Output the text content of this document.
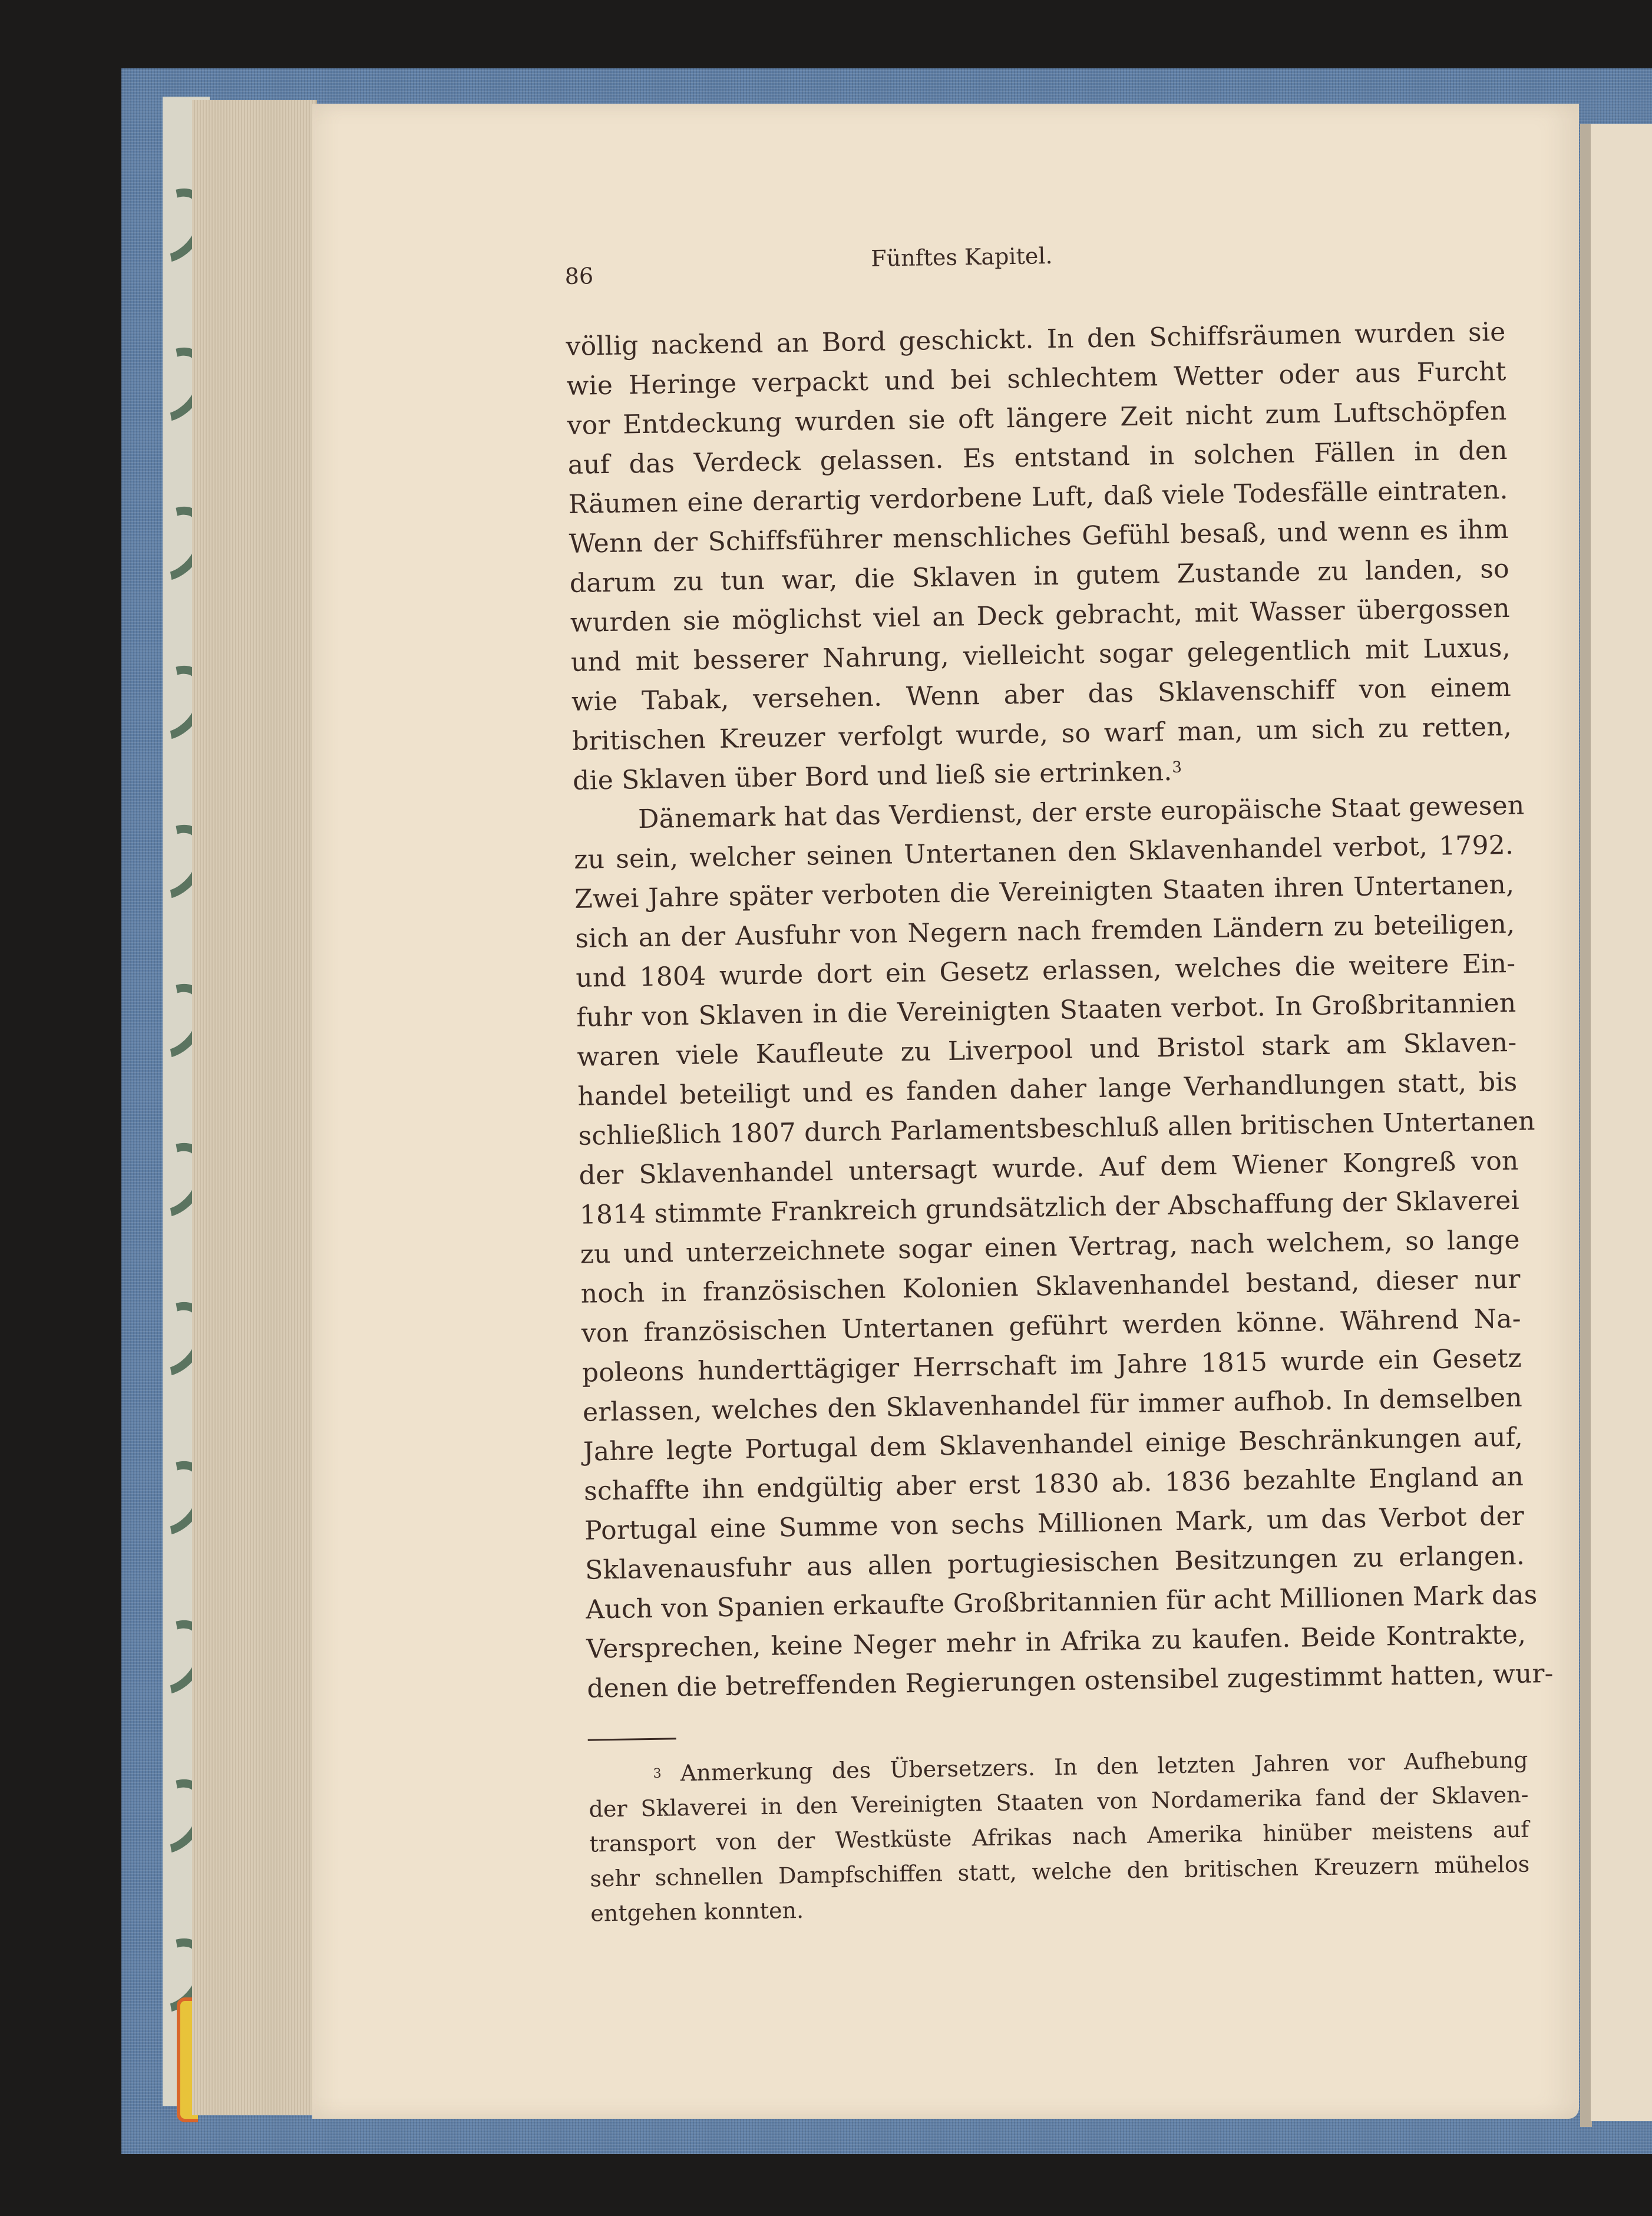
86
Fünftes Kapitel.
völlig nackend an Bord geschickt. In den Schiffsräumen wurden sie
wie Heringe verpackt und bei schlechtem Wetter oder aus Furcht
vor Entdeckung wurden sie oft längere Zeit nicht zum Luftschöpfen
auf das Verdeck gelassen. Es entstand in solchen Fällen in den
Räumen eine derartig verdorbene Luft, daß viele Todesfälle eintraten.
Wenn der Schiffsführer menschliches Gefühl besaß, und wenn es ihm
darum zu tun war, die Sklaven in gutem Zustande zu landen, so
wurden sie möglichst viel an Deck gebracht, mit Wasser übergossen
und mit besserer Nahrung, vielleicht sogar gelegentlich mit Luxus,
wie Tabak, versehen. Wenn aber das Sklavenschiff von einem
britischen Kreuzer verfolgt wurde, so warf man, um sich zu retten,
die Sklaven über Bord und ließ sie ertrinken.$^3$
Dänemark hat das Verdienst, der erste europäische Staat gewesen
zu sein, welcher seinen Untertanen den Sklavenhandel verbot, 1792.
Zwei Jahre später verboten die Vereinigten Staaten ihren Untertanen,
sich an der Ausfuhr von Negern nach fremden Ländern zu beteiligen,
und 1804 wurde dort ein Gesetz erlassen, welches die weitere Ein-
fuhr von Sklaven in die Vereinigten Staaten verbot. In Großbritannien
waren viele Kaufleute zu Liverpool und Bristol stark am Sklaven-
handel beteiligt und es fanden daher lange Verhandlungen statt, bis
schließlich 1807 durch Parlamentsbeschluß allen britischen Untertanen
der Sklavenhandel untersagt wurde. Auf dem Wiener Kongreß von
1814 stimmte Frankreich grundsätzlich der Abschaffung der Sklaverei
zu und unterzeichnete sogar einen Vertrag, nach welchem, so lange
noch in französischen Kolonien Sklavenhandel bestand, dieser nur
von französischen Untertanen geführt werden könne. Während Na-
poleons hunderttägiger Herrschaft im Jahre 1815 wurde ein Gesetz
erlassen, welches den Sklavenhandel für immer aufhob. In demselben
Jahre legte Portugal dem Sklavenhandel einige Beschränkungen auf,
schaffte ihn endgültig aber erst 1830 ab. 1836 bezahlte England an
Portugal eine Summe von sechs Millionen Mark, um das Verbot der
Sklavenausfuhr aus allen portugiesischen Besitzungen zu erlangen.
Auch von Spanien erkaufte Großbritannien für acht Millionen Mark das
Versprechen, keine Neger mehr in Afrika zu kaufen. Beide Kontrakte,
denen die betreffenden Regierungen ostensibel zugestimmt hatten, wur-
$^3$ Anmerkung des Übersetzers. In den letzten Jahren vor Aufhebung
der Sklaverei in den Vereinigten Staaten von Nordamerika fand der Sklaven-
transport von der Westküste Afrikas nach Amerika hinüber meistens auf
sehr schnellen Dampfschiffen statt, welche den britischen Kreuzern mühelos
entgehen konnten.
